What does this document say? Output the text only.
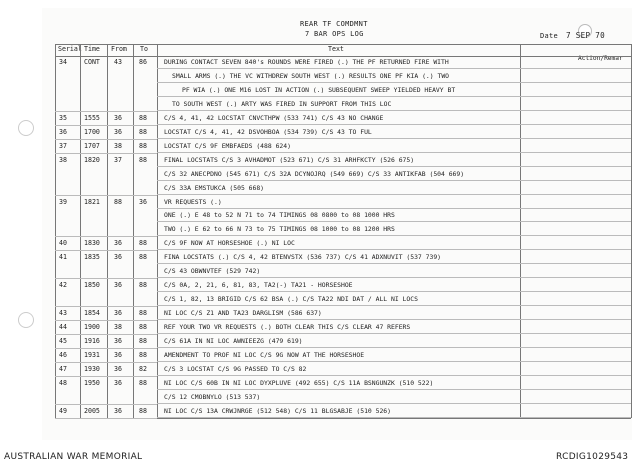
REAR TF COMDMNT
7 BAR OPS LOG	Date 7 SEP 70
Serial Time From To	Text
Action/Remar
34	CONT 43	86	DURING CONTACT SEVEN 840's ROUNDS WERE FIRED (.) THE PF RETURNED FIRE WITH
SMALL ARMS (.) THE VC WITHDREW SOUTH WEST (.) RESULTS ONE PF KIA (.) TWO
PF WIA (.) ONE M16 LOST IN ACTION (.) SUBSEQUENT SWEEP YIELDED HEAVY BT
TO SOUTH WEST (.) ARTY WAS FIRED IN SUPPORT FROM THIS LOC
35	1555 36	88	C/S 4, 41, 42 LOCSTAT CNVCTHPW (533 741) C/S 43 NO CHANGE
36	1700 36	88	LOCSTAT C/S 4, 41, 42 DSVOHBOA (534 739) C/S 43 TO FUL
37	1707 38	88	LOCSTAT C/S 9F EMBFAEDS (488 624)
38	1820 37	88	FINAL LOCSTATS C/S 3 AVHADMOT (523 671) C/S 31 ARHFKCTY (526 675)
C/S 32 ANECPDNO (545 671) C/S 32A DCYNOJRQ (549 669) C/S 33 ANTIKFAB (504 669)
C/S 33A EMSTUKCA (505 668)
39	1821 88	36	VR REQUESTS (.)
ONE (.) E 48 to 52 N 71 to 74 TIMINGS 08 0800 to 08 1000 HRS
TWO (.) E 62 to 66 N 73 to 75 TIMINGS 08 1000 to 08 1200 HRS
40	1830 36	88	C/S 9F NOW AT HORSESHOE (.) NI LOC
41	1835 36	88	FINA LOCSTATS (.) C/S 4, 42 BTENVSTX (536 737) C/S 41 ADXNUVIT (537 739)
C/S 43 OBWNVTEF (529 742)
42	1850 36	88	C/S 0A, 2, 21, 6, 81, 83, TA2(-) TA21 - HORSESHOE
C/S 1, 82, 13 BRIGID C/S 62 BSA (.) C/S TA22 NDI DAT / ALL NI LOCS
43	1854 36	88	NI LOC C/S Z1 AND TA23 DARGLISM (586 637)
44	1900 38	88	REF YOUR TWO VR REQUESTS (.) BOTH CLEAR THIS C/S CLEAR 47 REFERS
45	1916 36	88	C/S 61A IN NI LOC AWNIEEZG (479 619)
46	1931 36	88	AMENDMENT TO PROF NI LOC C/S 9G NOW AT THE HORSESHOE
47	1930 36	82	C/S 3 LOCSTAT C/S 9G PASSED TO C/S 82
48	1950 36	88	NI LOC C/S 60B IN NI LOC DYXPLUVE (492 655) C/S 11A BSNGUNZK (510 522)
C/S 12 CMOBNYLO (513 537)
49	2005 36	88	NI LOC C/S 13A CRWJNRGE (512 548) C/S 11 BLGSABJE (510 526)
AUSTRALIAN WAR MEMORIAL	RCDIG1029543
